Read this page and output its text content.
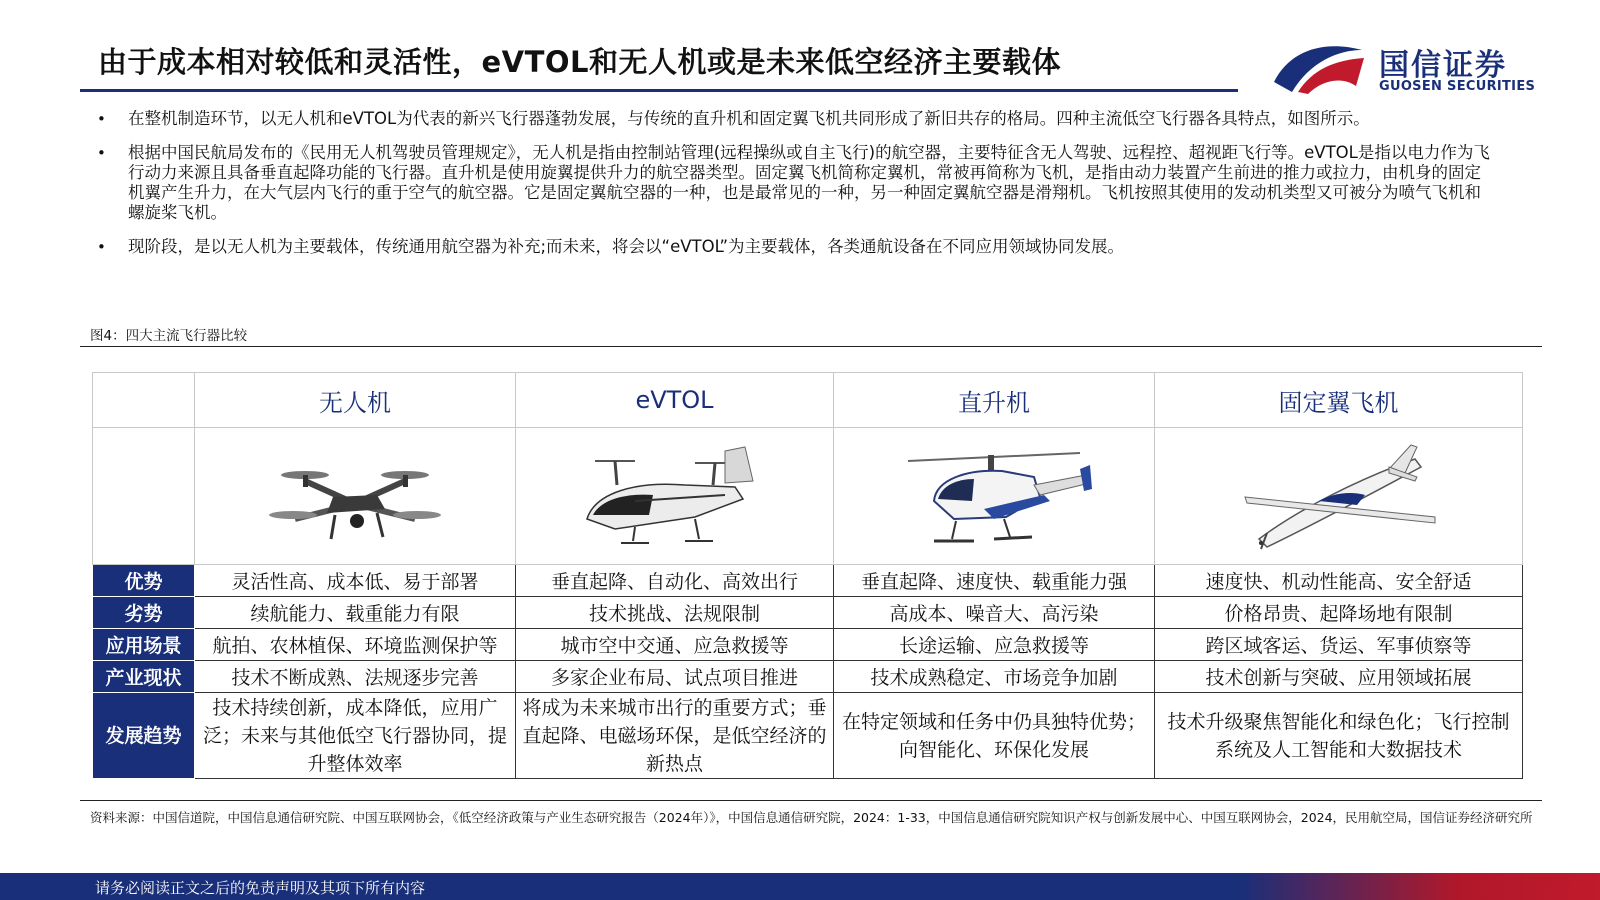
由于成本相对较低和灵活性，eVTOL和无人机或是未来低空经济主要载体	国信证券
GUOSEN SECURITIES
• 在整机制造环节，以无人机和eVTOL为代表的新兴飞行器蓬勃发展，与传统的直升机和固定翼飞机共同形成了新旧共存的格局。四种主流低空飞行器各具特点，如图所示。
• 根据中国民航局发布的《民用无人机驾驶员管理规定》，无人机是指由控制站管理(远程操纵或自主飞行)的航空器，主要特征含无人驾驶、远程控、超视距飞行等。eVTOL是指以电力作为飞行动力来源且具备垂直起降功能的飞行器。直升机是使用旋翼提供升力的航空器类型。固定翼飞机简称定翼机，常被再简称为飞机，是指由动力装置产生前进的推力或拉力，由机身的固定机翼产生升力，在大气层内飞行的重于空气的航空器。它是固定翼航空器的一种，也是最常见的一种，另一种固定翼航空器是滑翔机。飞机按照其使用的发动机类型又可被分为喷气飞机和螺旋桨飞机。
• 现阶段，是以无人机为主要载体，传统通用航空器为补充;而未来，将会以“eVTOL”为主要载体，各类通航设备在不同应用领域协同发展。
图4：四大主流飞行器比较
	无人机	eVTOL	直升机	固定翼飞机

优势	灵活性高、成本低、易于部署	垂直起降、自动化、高效出行	垂直起降、速度快、载重能力强	速度快、机动性能高、安全舒适
劣势	续航能力、载重能力有限	技术挑战、法规限制	高成本、噪音大、高污染	价格昂贵、起降场地有限制
应用场景	航拍、农林植保、环境监测保护等	城市空中交通、应急救援等	长途运输、应急救援等	跨区域客运、货运、军事侦察等
产业现状	技术不断成熟、法规逐步完善	多家企业布局、试点项目推进	技术成熟稳定、市场竞争加剧	技术创新与突破、应用领域拓展
发展趋势	技术持续创新，成本降低，应用广泛；未来与其他低空飞行器协同，提升整体效率	将成为未来城市出行的重要方式；垂直起降、电磁场环保，是低空经济的新热点	在特定领域和任务中仍具独特优势；向智能化、环保化发展	技术升级聚焦智能化和绿色化；飞行控制系统及人工智能和大数据技术
资料来源：中国信道院，中国信息通信研究院、中国互联网协会，《低空经济政策与产业生态研究报告（2024年）》，中国信息通信研究院，2024：1-33，中国信息通信研究院知识产权与创新发展中心、中国互联网协会，2024，民用航空局，国信证券经济研究所
请务必阅读正文之后的免责声明及其项下所有内容
